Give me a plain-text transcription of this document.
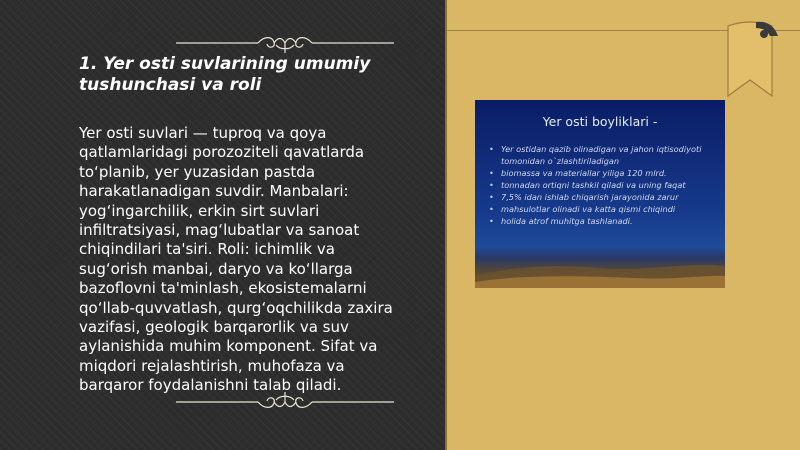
1. Yer osti suvlarining umumiy tushunchasi va roli
Yer osti suvlari — tuproq va qoya qatlamlaridagi porozoziteli qavatlarda to‘planib, yer yuzasidan pastda harakatlanadigan suvdir. Manbalari: yog‘ingarchilik, erkin sirt suvlari infiltratsiyasi, mag‘lubatlar va sanoat chiqindilari ta'siri. Roli: ichimlik va sug‘orish manbai, daryo va ko‘llarga bazoflovni ta'minlash, ekosistemalarni qo‘llab-quvvatlash, qurg‘oqchilikda zaxira vazifasi, geologik barqarorlik va suv aylanishida muhim komponent. Sifat va miqdori rejalashtirish, muhofaza va barqaror foydalanishni talab qiladi.
Yer osti boyliklari -
• Yer ostidan qazib olinadigan va jahon iqtisodiyoti tomonidan o`zlashtiriladigan
• biomassa va materiallar yiliga 120 mlrd.
• tonnadan ortiqni tashkil qiladi va uning faqat
• 7,5% idan ishlab chiqarish jarayonida zarur
• mahsulotlar olinadi va katta qismi chiqindi
• holida atrof muhitga tashlanadi.
